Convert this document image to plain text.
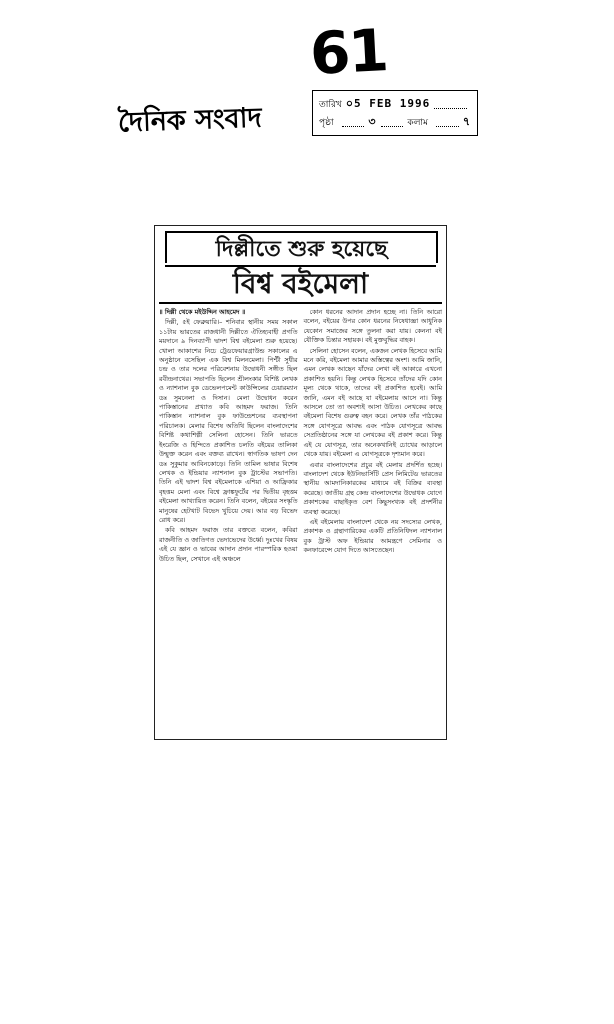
61
দৈনিক সংবাদ	তারিখ ০5 FEB 1996
পৃষ্ঠা	৩	কলাম	৭
দিল্লীতে শুরু হয়েছে
বিশ্ব বইমেলা

॥ দিল্লী থেকে মইউদ্দিন আহমেদ ॥

দিল্লী, ৫ই ফেব্রুয়ারি।– শনিবার স্থানীয় সময় সকাল ১১টায় ভারতের রাজধানী দিল্লীতে ঐতিহ্যবাহী প্রগতি ময়দানে ৯ দিনব্যাপী দ্বাদশ বিশ্ব বইমেলা শুরু হয়েছে। খোলা আকাশের নিচে ট্রেডফেয়ারগ্রাউন্ড সকালের এ অনুষ্ঠানে বসেছিল এক বিশ্ব মিলনমেলা। পিন্টী সুধীর চন্দ্র ও তার দলের পরিবেশনায় উদ্বোধনী সঙ্গীত ছিল রবীন্দ্রনাথের। সভাপতি ছিলেন শ্রীলংকার বিশিষ্ট লেখক ও ন্যাশনাল বুক ডেভেলপমেন্ট কাউন্সিলের চেয়ারম্যান ডঃ সুমনেলা ও দিসান। মেলা উদ্বোধন করেন পাকিস্তানের প্রখ্যাত কবি আহমদ ফরাজ। তিনি পাকিস্তান ন্যাশনাল বুক ফাউন্ডেশনের ব্যবস্থাপনা পরিচালক। মেলার বিশেষ অতিথি ছিলেন বাংলাদেশের বিশিষ্ট কথাশিল্পী সেলিনা হোসেন। তিনি ভারতে ইংরেজি ও হিন্দিতে প্রকাশিত চলতি বইয়ের তালিকা উন্মুক্ত করেন এবং বক্তব্য রাখেন। স্বাগতিক ভাষণ দেন ডঃ সুকুমার আবিনকোড়ে। তিনি তামিল ভাষার বিশেষ লেখক ও ইন্ডিয়ার ন্যাশনাল বুক ট্রাস্টের সভাপতি। তিনি এই দ্বাদশ বিশ্ব বইমেলাকে এশিয়া ও আফ্রিকার বৃহত্তম মেলা এবং বিশ্বে ফ্রাঙ্কফুর্টের পর দ্বিতীয় বৃহত্তম বইমেলা আখ্যায়িত করেন। তিনি বলেন, বইয়ের সংস্কৃতি মানুষের হেটখাট বিভেদ খুচিয়ে দেয়। আর বড় বিভেদ রোধ করে।

কবি আহমদ ফরাজ তার বক্তব্যে বলেন, কবিরা রাজনীতি ও জাতিগত ভেদাভেদের উর্ধ্বে। দুঃখের বিষয় এই যে জ্ঞান ও ভাবের আদান প্রদান পারস্পরিক হওয়া উচিত ছিল, সেখানে এই অঞ্চলে

কোন ধরনের আদান প্রদান হচ্ছে না। তিনি আরো বলেন, বইয়ের উপর কোন ধরনের নিষেধাজ্ঞা আধুনিক যেকোন সমাজের সঙ্গে তুলনা করা যায়। কেননা বই যৌক্তিক চিন্তার সহায়ক। বই মুক্তবুদ্ধির বাহক।

সেলিনা হোসেন বলেন, একজন লেখক হিসেবে আমি মনে করি, বইমেলা আমার অস্তিত্বের অংশ। আমি জানি, এমন লেখক আছেন যাঁদের লেখা বই আকারে এখনো প্রকাশিত হয়নি। কিন্তু লেখক হিসেবে তাঁদের যদি কোন মূল্য থেকে থাকে, তাদের বই প্রকাশিত হবেই। আমি জানি, এমন বই আছে যা বইমেলায় আসে না। কিন্তু আসলে তো তা অবশ্যই আসা উচিত। লেখকের কাছে বইমেলা বিশেষ গুরুত্ব বহন করে। লেখক তাঁর পাঠকের সঙ্গে যোগসূত্রে আবদ্ধ এবং পাঠক যোগসূত্রে আবদ্ধ সেপ্রতিষ্ঠানের সঙ্গে যা লেখকের বই প্রকাশ করে। কিন্তু এই যে যোগসূত্র, তার অনেকখানিই চোখের আড়ালে থেকে যায়। বইমেলা এ যোগসূত্রকে দৃশ্যমান করে।

এবার বাংলাদেশের প্রচুর বই মেলায় প্রদর্শিত হচ্ছে। বাংলাদেশ থেকে ইউনিভার্সিটি প্রেস লিমিটেড ভারতের স্থানীয় আমদানিকারকের মাধ্যমে বই বিক্রির ব্যবস্থা করেছে। জাতীয় গ্রন্থ কেন্দ্র বাংলাদেশের উদ্বোধক যোগে প্রকাশকের বাছাইকৃত বেশ কিছুসংখ্যক বই প্রদর্শনীর ব্যবস্থা করেছে।

এই বইমেলায় বাংলাদেশ থেকে নয় সদস্যের লেখক, প্রকাশক ও গ্রন্থাগারিকের একটি প্রতিনিধিদল ন্যাশনাল বুক ট্রাস্ট অফ ইন্ডিয়ার আমন্ত্রণে সেমিনার ও কনফারেন্সে যোগ দিতে আসতেছেন।
